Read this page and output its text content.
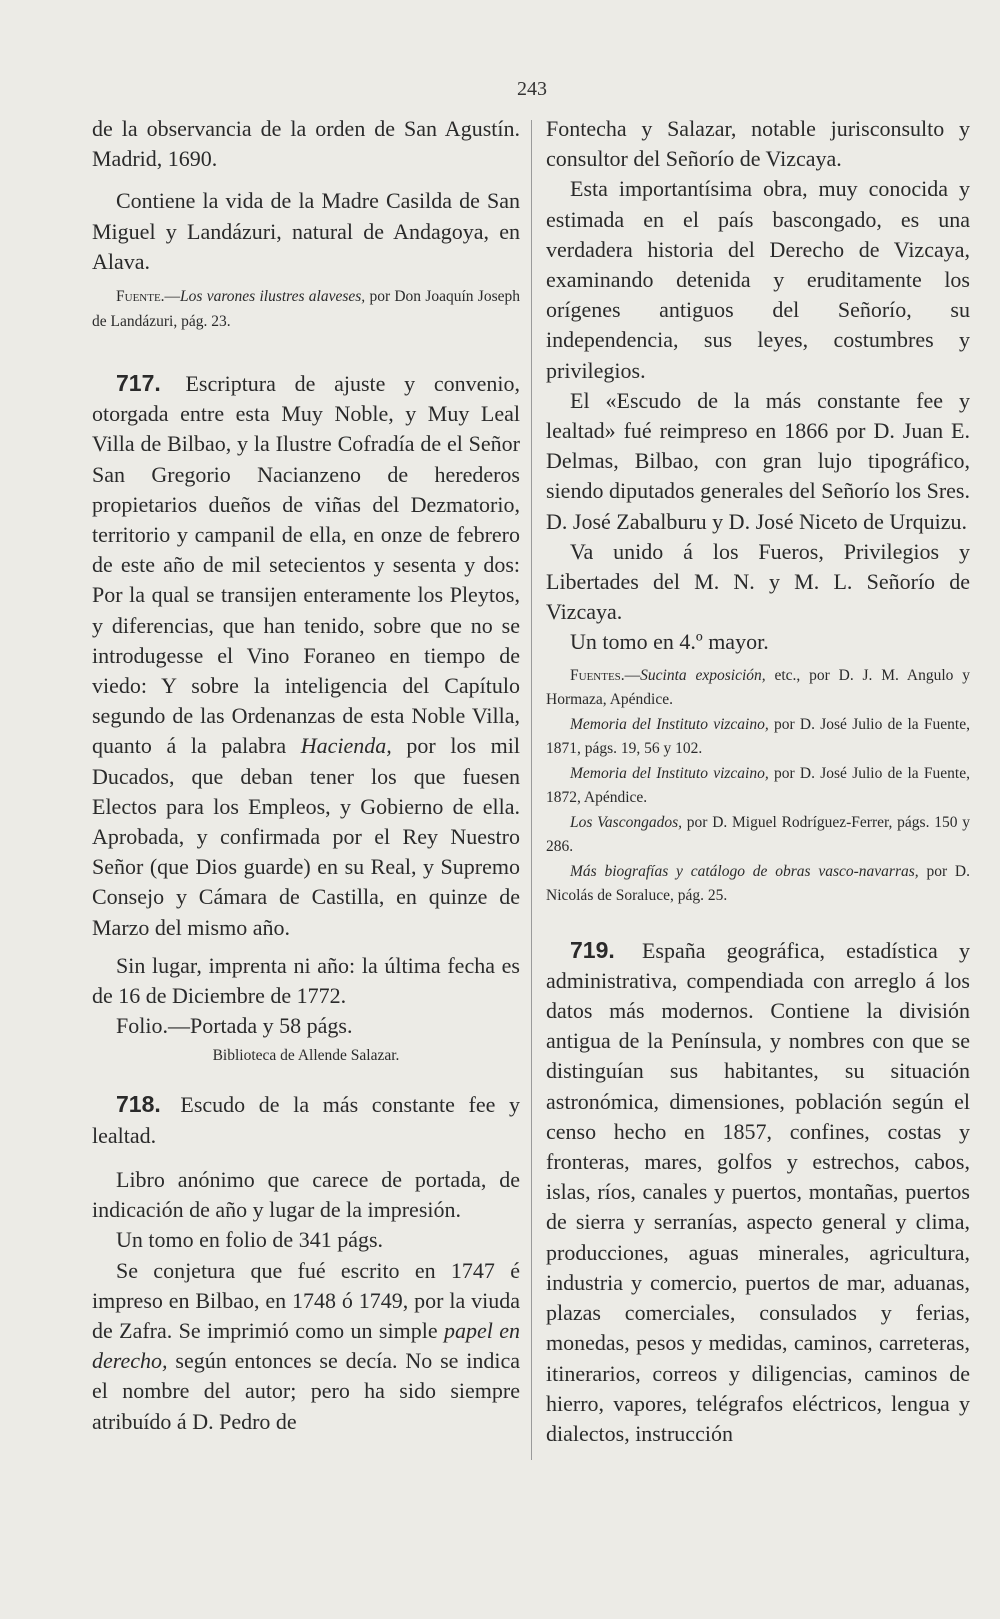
243

de la observancia de la orden de San Agustín. Madrid, 1690.

Contiene la vida de la Madre Casilda de San Miguel y Landázuri, natural de Andagoya, en Alava.

Fuente.—Los varones ilustres alaveses, por Don Joaquín Joseph de Landázuri, pág. 23.

717. Escriptura de ajuste y convenio, otorgada entre esta Muy Noble, y Muy Leal Villa de Bilbao, y la Ilustre Cofradía de el Señor San Gregorio Nacianzeno de herederos propietarios dueños de viñas del Dezmatorio, territorio y campanil de ella, en onze de febrero de este año de mil setecientos y sesenta y dos: Por la qual se transijen enteramente los Pleytos, y diferencias, que han tenido, sobre que no se introdugesse el Vino Foraneo en tiempo de viedo: Y sobre la inteligencia del Capítulo segundo de las Ordenanzas de esta Noble Villa, quanto á la palabra Hacienda, por los mil Ducados, que deban tener los que fuesen Electos para los Empleos, y Gobierno de ella. Aprobada, y confirmada por el Rey Nuestro Señor (que Dios guarde) en su Real, y Supremo Consejo y Cámara de Castilla, en quinze de Marzo del mismo año.

Sin lugar, imprenta ni año: la última fecha es de 16 de Diciembre de 1772.

Folio.—Portada y 58 págs.

Biblioteca de Allende Salazar.

718. Escudo de la más constante fee y lealtad.

Libro anónimo que carece de portada, de indicación de año y lugar de la impresión.

Un tomo en folio de 341 págs.

Se conjetura que fué escrito en 1747 é impreso en Bilbao, en 1748 ó 1749, por la viuda de Zafra. Se imprimió como un simple papel en derecho, según entonces se decía. No se indica el nombre del autor; pero ha sido siempre atribuído á D. Pedro de

Fontecha y Salazar, notable jurisconsulto y consultor del Señorío de Vizcaya.

Esta importantísima obra, muy conocida y estimada en el país bascongado, es una verdadera historia del Derecho de Vizcaya, examinando detenida y eruditamente los orígenes antiguos del Señorío, su independencia, sus leyes, costumbres y privilegios.

El «Escudo de la más constante fee y lealtad» fué reimpreso en 1866 por D. Juan E. Delmas, Bilbao, con gran lujo tipográfico, siendo diputados generales del Señorío los Sres. D. José Zabalburu y D. José Niceto de Urquizu.

Va unido á los Fueros, Privilegios y Libertades del M. N. y M. L. Señorío de Vizcaya.

Un tomo en 4.º mayor.

Fuentes.—Sucinta exposición, etc., por D. J. M. Angulo y Hormaza, Apéndice.

Memoria del Instituto vizcaino, por D. José Julio de la Fuente, 1871, págs. 19, 56 y 102.

Memoria del Instituto vizcaino, por D. José Julio de la Fuente, 1872, Apéndice.

Los Vascongados, por D. Miguel Rodríguez-Ferrer, págs. 150 y 286.

Más biografías y catálogo de obras vasco-navarras, por D. Nicolás de Soraluce, pág. 25.

719. España geográfica, estadística y administrativa, compendiada con arreglo á los datos más modernos. Contiene la división antigua de la Península, y nombres con que se distinguían sus habitantes, su situación astronómica, dimensiones, población según el censo hecho en 1857, confines, costas y fronteras, mares, golfos y estrechos, cabos, islas, ríos, canales y puertos, montañas, puertos de sierra y serranías, aspecto general y clima, producciones, aguas minerales, agricultura, industria y comercio, puertos de mar, aduanas, plazas comerciales, consulados y ferias, monedas, pesos y medidas, caminos, carreteras, itinerarios, correos y diligencias, caminos de hierro, vapores, telégrafos eléctricos, lengua y dialectos, instrucción
